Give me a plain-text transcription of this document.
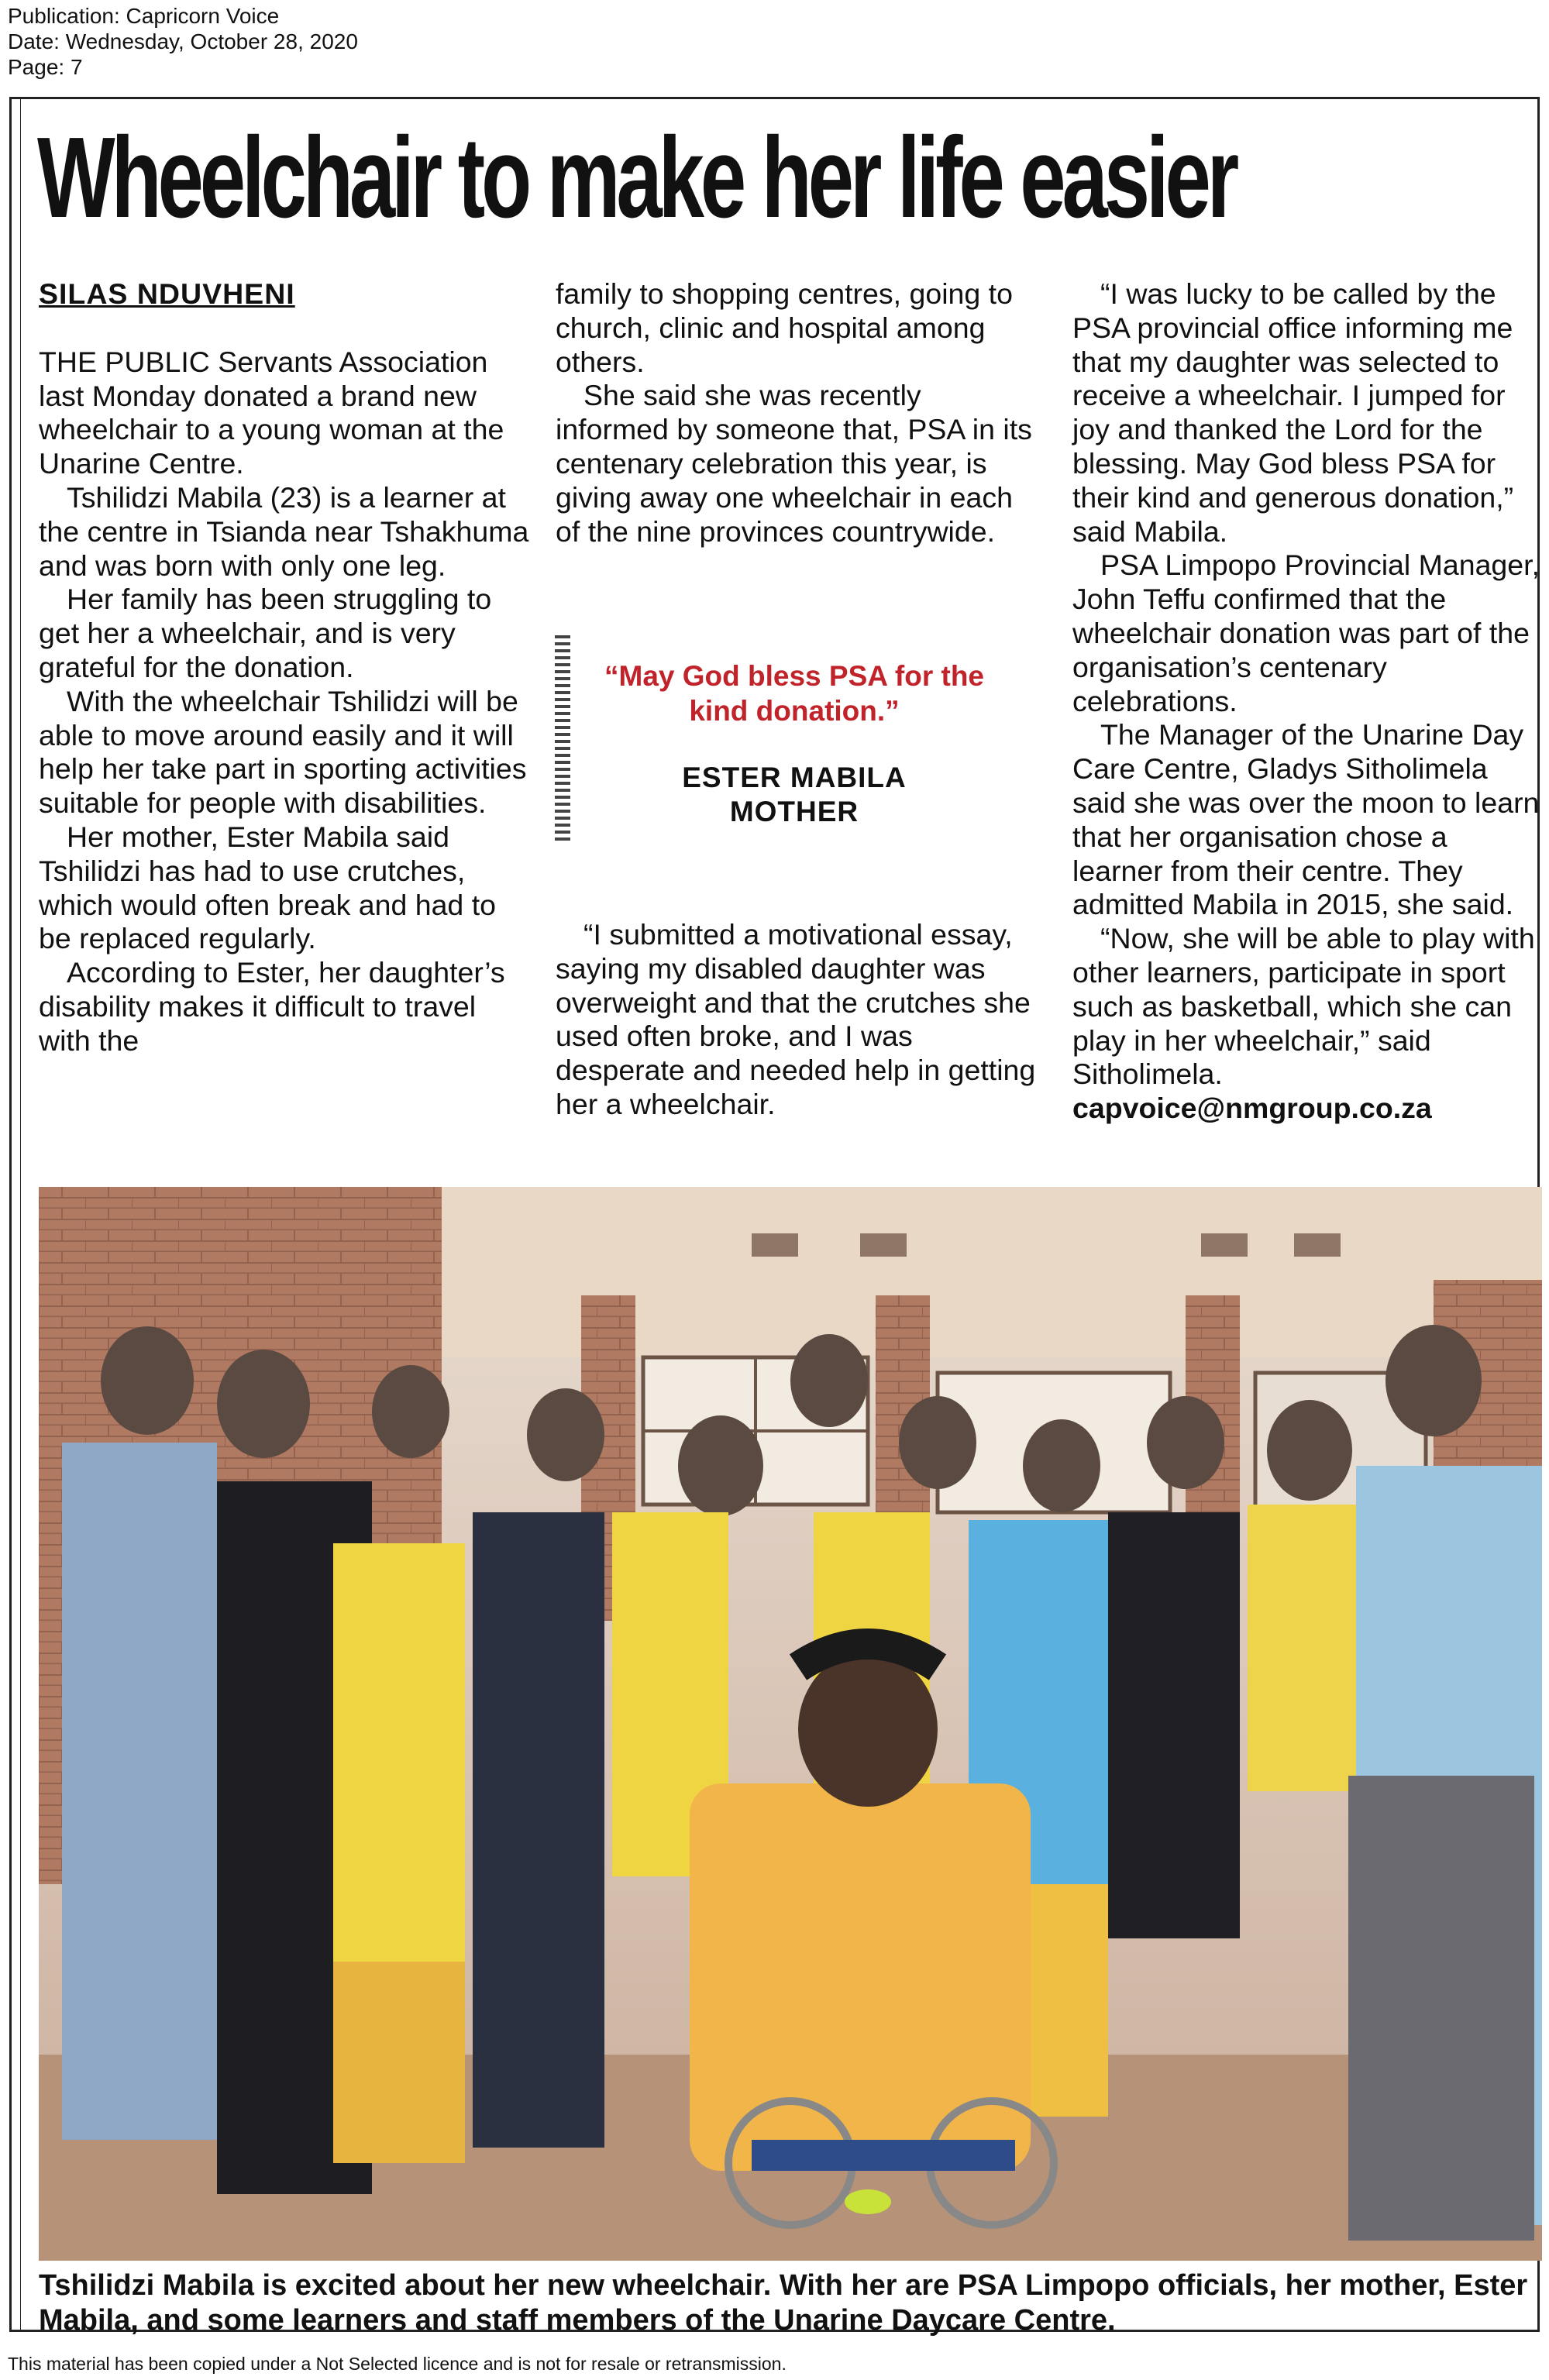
Publication: Capricorn Voice
Date: Wednesday, October 28, 2020
Page: 7
Wheelchair to make her life easier

SILAS NDUVHENI

THE PUBLIC Servants Association last Monday donated a brand new wheelchair to a young woman at the Unarine Centre.

Tshilidzi Mabila (23) is a learner at the centre in Tsianda near Tshakhuma and was born with only one leg.

Her family has been struggling to get her a wheelchair, and is very grateful for the donation.

With the wheelchair Tshilidzi will be able to move around easily and it will help her take part in sporting activities suitable for people with disabilities.

Her mother, Ester Mabila said Tshilidzi has had to use crutches, which would often break and had to be replaced regularly.

According to Ester, her daughter’s disability makes it difficult to travel with the

family to shopping centres, going to church, clinic and hospital among others.

She said she was recently informed by someone that, PSA in its centenary celebration this year, is giving away one wheelchair in each of the nine provinces countrywide.

“May God bless PSA for the kind donation.”
ESTER MABILA
MOTHER

“I submitted a motivational essay, saying my disabled daughter was overweight and that the crutches she used often broke, and I was desperate and needed help in getting her a wheelchair.

“I was lucky to be called by the PSA provincial office informing me that my daughter was selected to receive a wheelchair. I jumped for joy and thanked the Lord for the blessing. May God bless PSA for their kind and generous donation,” said Mabila.

PSA Limpopo Provincial Manager, John Teffu confirmed that the wheelchair donation was part of the organisation’s centenary celebrations.

The Manager of the Unarine Day Care Centre, Gladys Sitholimela said she was over the moon to learn that her organisation chose a learner from their centre. They admitted Mabila in 2015, she said.

“Now, she will be able to play with other learners, participate in sport such as basketball, which she can play in her wheelchair,” said Sitholimela.

capvoice@nmgroup.co.za

Tshilidzi Mabila is excited about her new wheelchair. With her are PSA Limpopo officials, her mother, Ester Mabila, and some learners and staff members of the Unarine Daycare Centre.
This material has been copied under a Not Selected licence and is not for resale or retransmission.
